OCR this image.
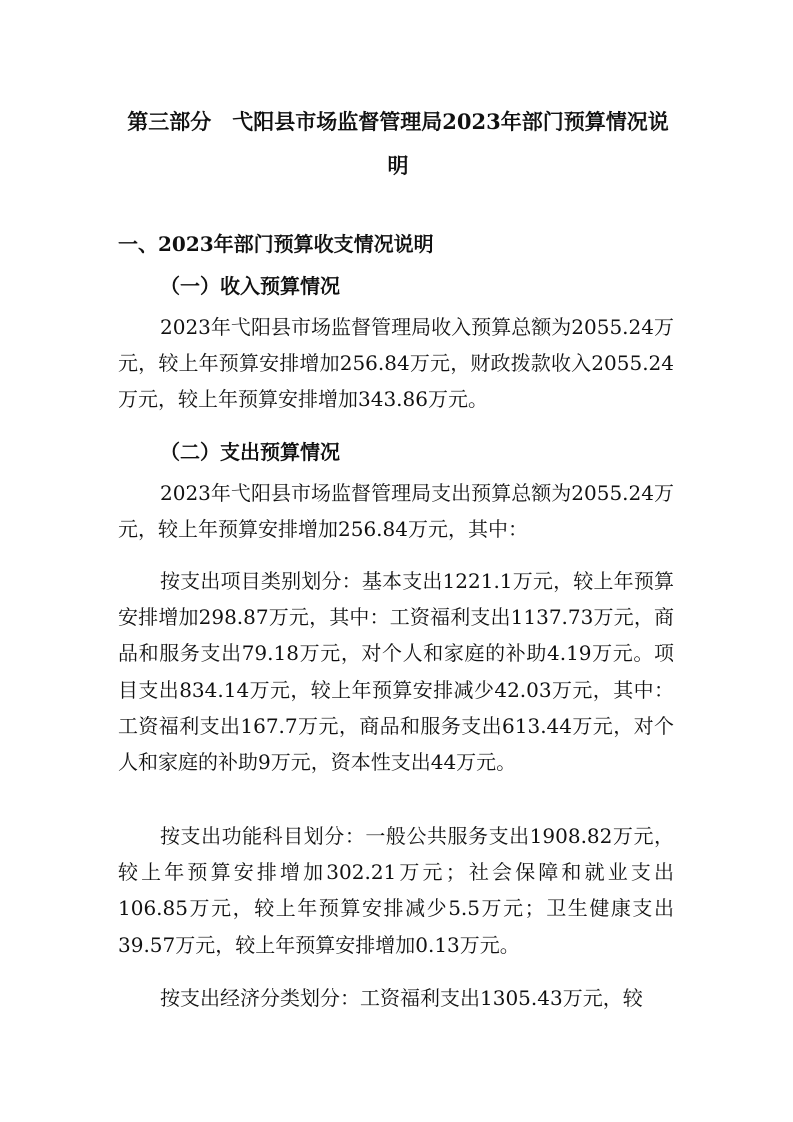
第三部分　弋阳县市场监督管理局2023年部门预算情况说明
一、2023年部门预算收支情况说明
（一）收入预算情况

2023年弋阳县市场监督管理局收入预算总额为2055.24万元，较上年预算安排增加256.84万元，财政拨款收入2055.24万元，较上年预算安排增加343.86万元。

（二）支出预算情况

2023年弋阳县市场监督管理局支出预算总额为2055.24万元，较上年预算安排增加256.84万元，其中：

按支出项目类别划分：基本支出1221.1万元，较上年预算安排增加298.87万元，其中：工资福利支出1137.73万元，商品和服务支出79.18万元，对个人和家庭的补助4.19万元。项目支出834.14万元，较上年预算安排减少42.03万元，其中：工资福利支出167.7万元，商品和服务支出613.44万元，对个人和家庭的补助9万元，资本性支出44万元。

按支出功能科目划分：一般公共服务支出1908.82万元，较上年预算安排增加302.21万元；社会保障和就业支出106.85万元，较上年预算安排减少5.5万元；卫生健康支出39.57万元，较上年预算安排增加0.13万元。

按支出经济分类划分：工资福利支出1305.43万元，较
